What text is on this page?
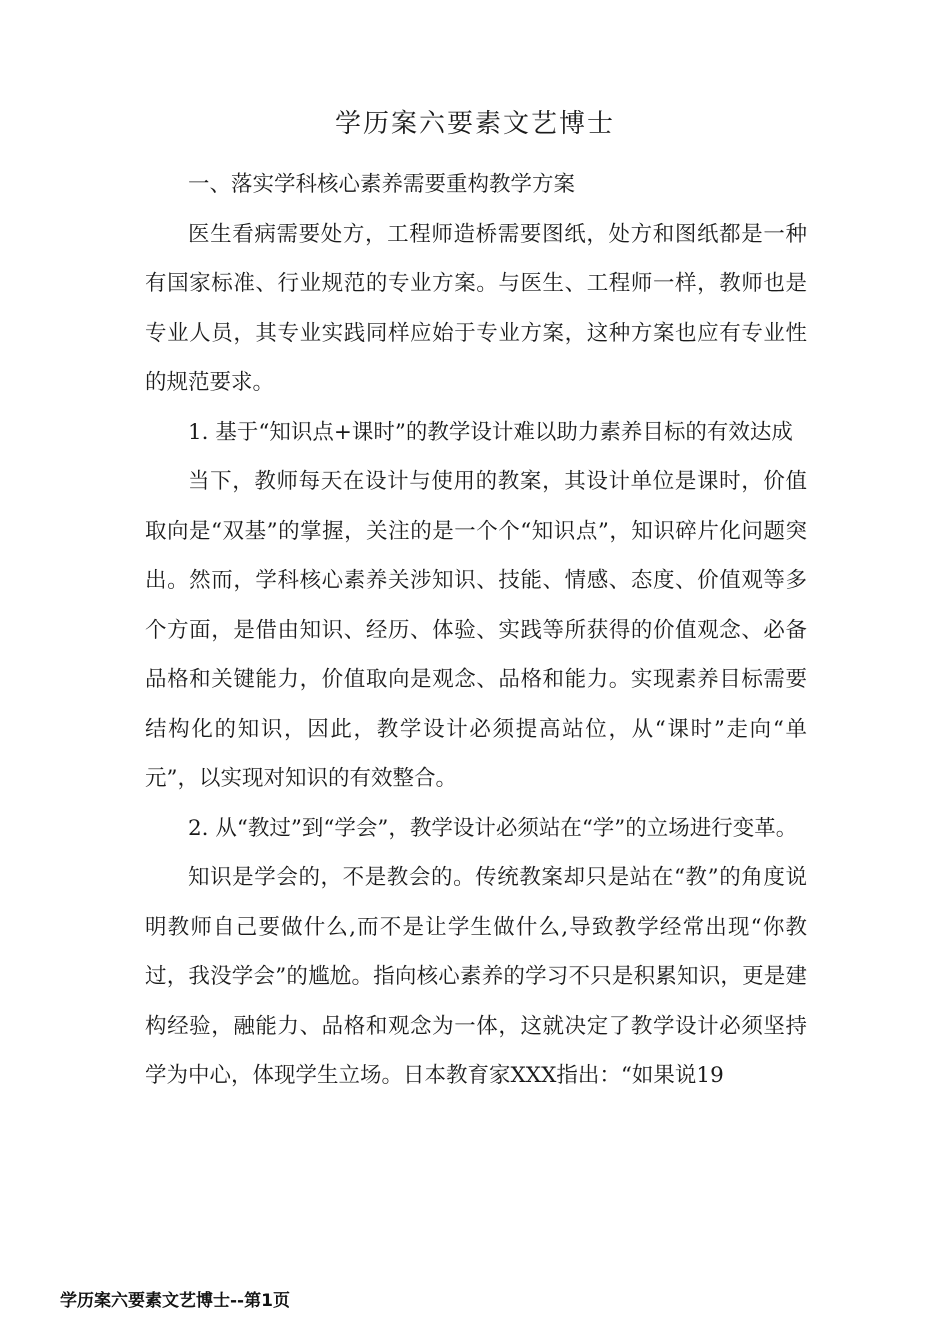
学历案六要素文艺博士

一、落实学科核心素养需要重构教学方案

医生看病需要处方，工程师造桥需要图纸，处方和图纸都是一种有国家标准、行业规范的专业方案。与医生、工程师一样，教师也是专业人员，其专业实践同样应始于专业方案，这种方案也应有专业性的规范要求。

1. 基于“知识点+课时”的教学设计难以助力素养目标的有效达成

当下，教师每天在设计与使用的教案，其设计单位是课时，价值取向是“双基”的掌握，关注的是一个个“知识点”，知识碎片化问题突出。然而，学科核心素养关涉知识、技能、情感、态度、价值观等多个方面，是借由知识、经历、体验、实践等所获得的价值观念、必备品格和关键能力，价值取向是观念、品格和能力。实现素养目标需要结构化的知识，因此，教学设计必须提高站位，从“课时”走向“单元”，以实现对知识的有效整合。

2. 从“教过”到“学会”，教学设计必须站在“学”的立场进行变革。

知识是学会的，不是教会的。传统教案却只是站在“教”的角度说明教师自己要做什么,而不是让学生做什么,导致教学经常出现“你教过，我没学会”的尴尬。指向核心素养的学习不只是积累知识，更是建构经验，融能力、品格和观念为一体，这就决定了教学设计必须坚持学为中心，体现学生立场。日本教育家XXX指出：“如果说19

学历案六要素文艺博士--第1页
